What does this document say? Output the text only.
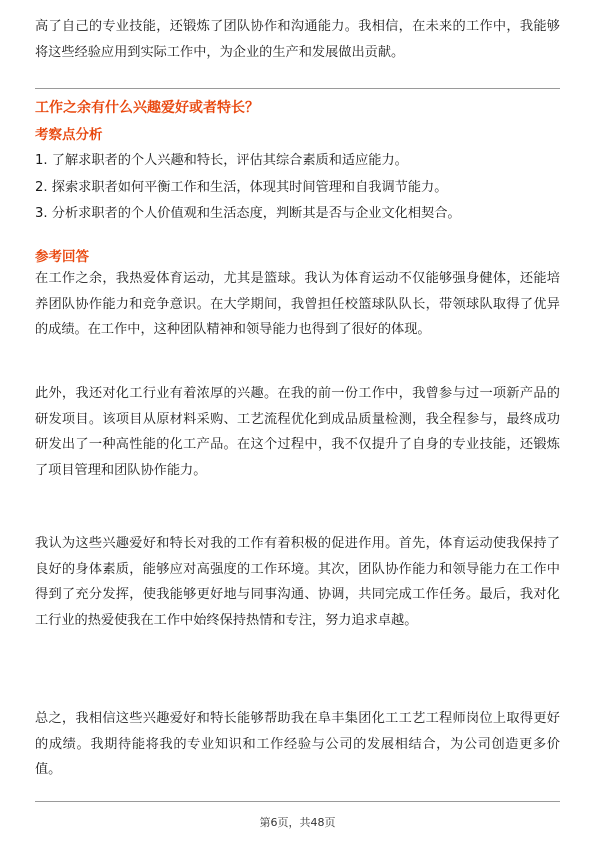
高了自己的专业技能，还锻炼了团队协作和沟通能力。我相信，在未来的工作中，我能够将这些经验应用到实际工作中，为企业的生产和发展做出贡献。

工作之余有什么兴趣爱好或者特长？
考察点分析
1. 了解求职者的个人兴趣和特长，评估其综合素质和适应能力。
2. 探索求职者如何平衡工作和生活，体现其时间管理和自我调节能力。
3. 分析求职者的个人价值观和生活态度，判断其是否与企业文化相契合。
参考回答

在工作之余，我热爱体育运动，尤其是篮球。我认为体育运动不仅能够强身健体，还能培养团队协作能力和竞争意识。在大学期间，我曾担任校篮球队队长，带领球队取得了优异的成绩。在工作中，这种团队精神和领导能力也得到了很好的体现。

此外，我还对化工行业有着浓厚的兴趣。在我的前一份工作中，我曾参与过一项新产品的研发项目。该项目从原材料采购、工艺流程优化到成品质量检测，我全程参与，最终成功研发出了一种高性能的化工产品。在这个过程中，我不仅提升了自身的专业技能，还锻炼了项目管理和团队协作能力。

我认为这些兴趣爱好和特长对我的工作有着积极的促进作用。首先，体育运动使我保持了良好的身体素质，能够应对高强度的工作环境。其次，团队协作能力和领导能力在工作中得到了充分发挥，使我能够更好地与同事沟通、协调，共同完成工作任务。最后，我对化工行业的热爱使我在工作中始终保持热情和专注，努力追求卓越。

总之，我相信这些兴趣爱好和特长能够帮助我在阜丰集团化工工艺工程师岗位上取得更好的成绩。我期待能将我的专业知识和工作经验与公司的发展相结合，为公司创造更多价值。

第6页，共48页
